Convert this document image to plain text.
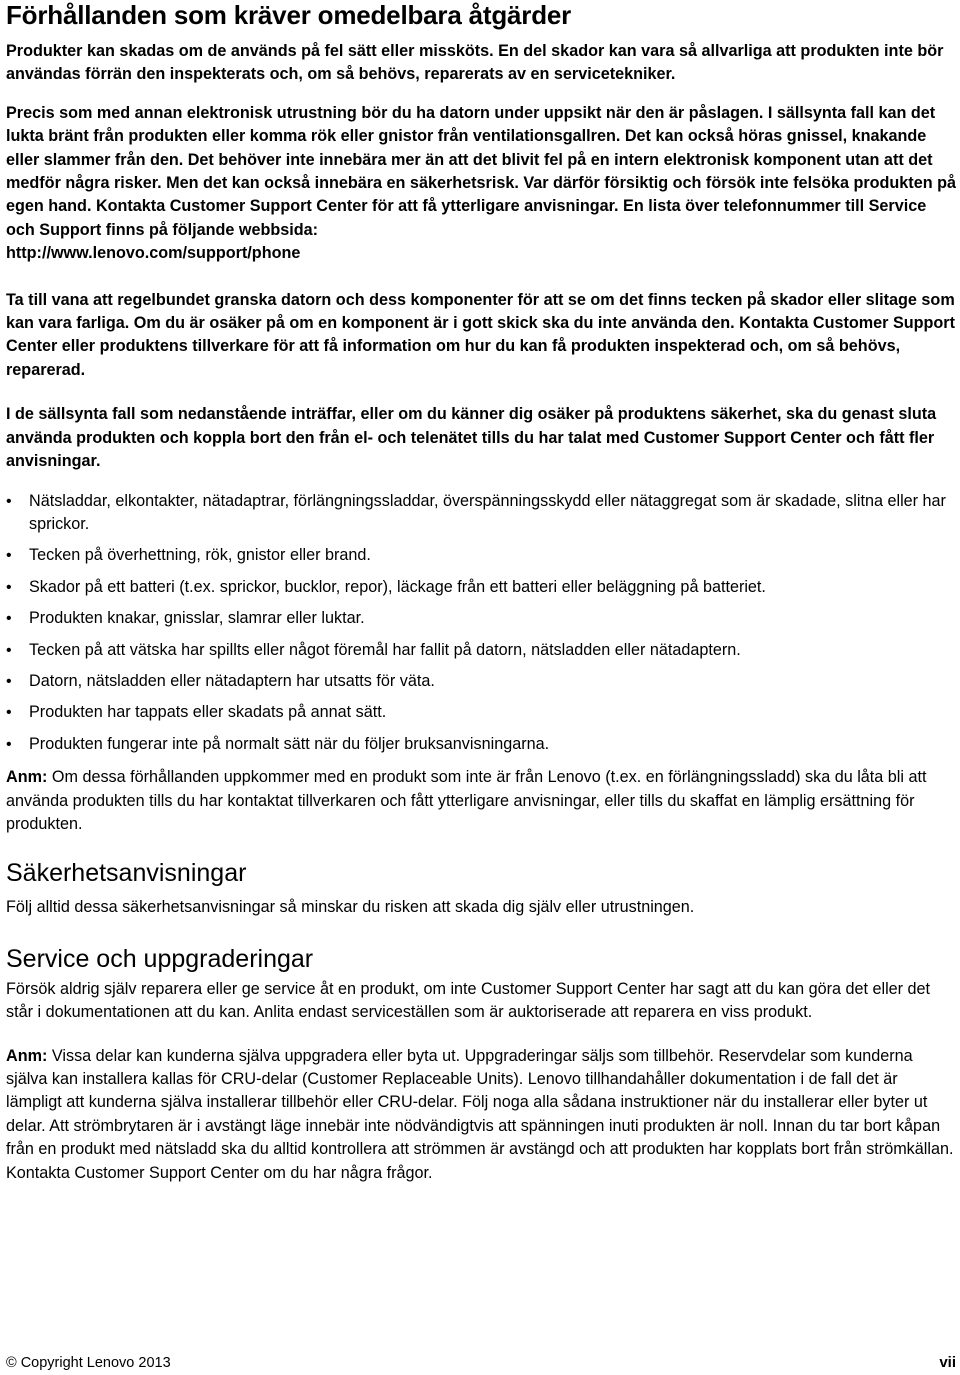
Förhållanden som kräver omedelbara åtgärder

Produkter kan skadas om de används på fel sätt eller missköts. En del skador kan vara så allvarliga att produkten inte bör användas förrän den inspekterats och, om så behövs, reparerats av en servicetekniker.

Precis som med annan elektronisk utrustning bör du ha datorn under uppsikt när den är påslagen. I sällsynta fall kan det lukta bränt från produkten eller komma rök eller gnistor från ventilationsgallren. Det kan också höras gnissel, knakande eller slammer från den. Det behöver inte innebära mer än att det blivit fel på en intern elektronisk komponent utan att det medför några risker. Men det kan också innebära en säkerhetsrisk. Var därför försiktig och försök inte felsöka produkten på egen hand. Kontakta Customer Support Center för att få ytterligare anvisningar. En lista över telefonnummer till Service och Support finns på följande webbsida:
http://www.lenovo.com/support/phone

Ta till vana att regelbundet granska datorn och dess komponenter för att se om det finns tecken på skador eller slitage som kan vara farliga. Om du är osäker på om en komponent är i gott skick ska du inte använda den. Kontakta Customer Support Center eller produktens tillverkare för att få information om hur du kan få produkten inspekterad och, om så behövs, reparerad.

I de sällsynta fall som nedanstående inträffar, eller om du känner dig osäker på produktens säkerhet, ska du genast sluta använda produkten och koppla bort den från el- och telenätet tills du har talat med Customer Support Center och fått fler anvisningar.

• Nätsladdar, elkontakter, nätadaptrar, förlängningssladdar, överspänningsskydd eller nätaggregat som är skadade, slitna eller har sprickor.
• Tecken på överhettning, rök, gnistor eller brand.
• Skador på ett batteri (t.ex. sprickor, bucklor, repor), läckage från ett batteri eller beläggning på batteriet.
• Produkten knakar, gnisslar, slamrar eller luktar.
• Tecken på att vätska har spillts eller något föremål har fallit på datorn, nätsladden eller nätadaptern.
• Datorn, nätsladden eller nätadaptern har utsatts för väta.
• Produkten har tappats eller skadats på annat sätt.
• Produkten fungerar inte på normalt sätt när du följer bruksanvisningarna.

Anm: Om dessa förhållanden uppkommer med en produkt som inte är från Lenovo (t.ex. en förlängningssladd) ska du låta bli att använda produkten tills du har kontaktat tillverkaren och fått ytterligare anvisningar, eller tills du skaffat en lämplig ersättning för produkten.

Säkerhetsanvisningar

Följ alltid dessa säkerhetsanvisningar så minskar du risken att skada dig själv eller utrustningen.

Service och uppgraderingar

Försök aldrig själv reparera eller ge service åt en produkt, om inte Customer Support Center har sagt att du kan göra det eller det står i dokumentationen att du kan. Anlita endast serviceställen som är auktoriserade att reparera en viss produkt.

Anm: Vissa delar kan kunderna själva uppgradera eller byta ut. Uppgraderingar säljs som tillbehör. Reservdelar som kunderna själva kan installera kallas för CRU-delar (Customer Replaceable Units). Lenovo tillhandahåller dokumentation i de fall det är lämpligt att kunderna själva installerar tillbehör eller CRU-delar. Följ noga alla sådana instruktioner när du installerar eller byter ut delar. Att strömbrytaren är i avstängt läge innebär inte nödvändigtvis att spänningen inuti produkten är noll. Innan du tar bort kåpan från en produkt med nätsladd ska du alltid kontrollera att strömmen är avstängd och att produkten har kopplats bort från strömkällan. Kontakta Customer Support Center om du har några frågor.

© Copyright Lenovo 2013	vii
